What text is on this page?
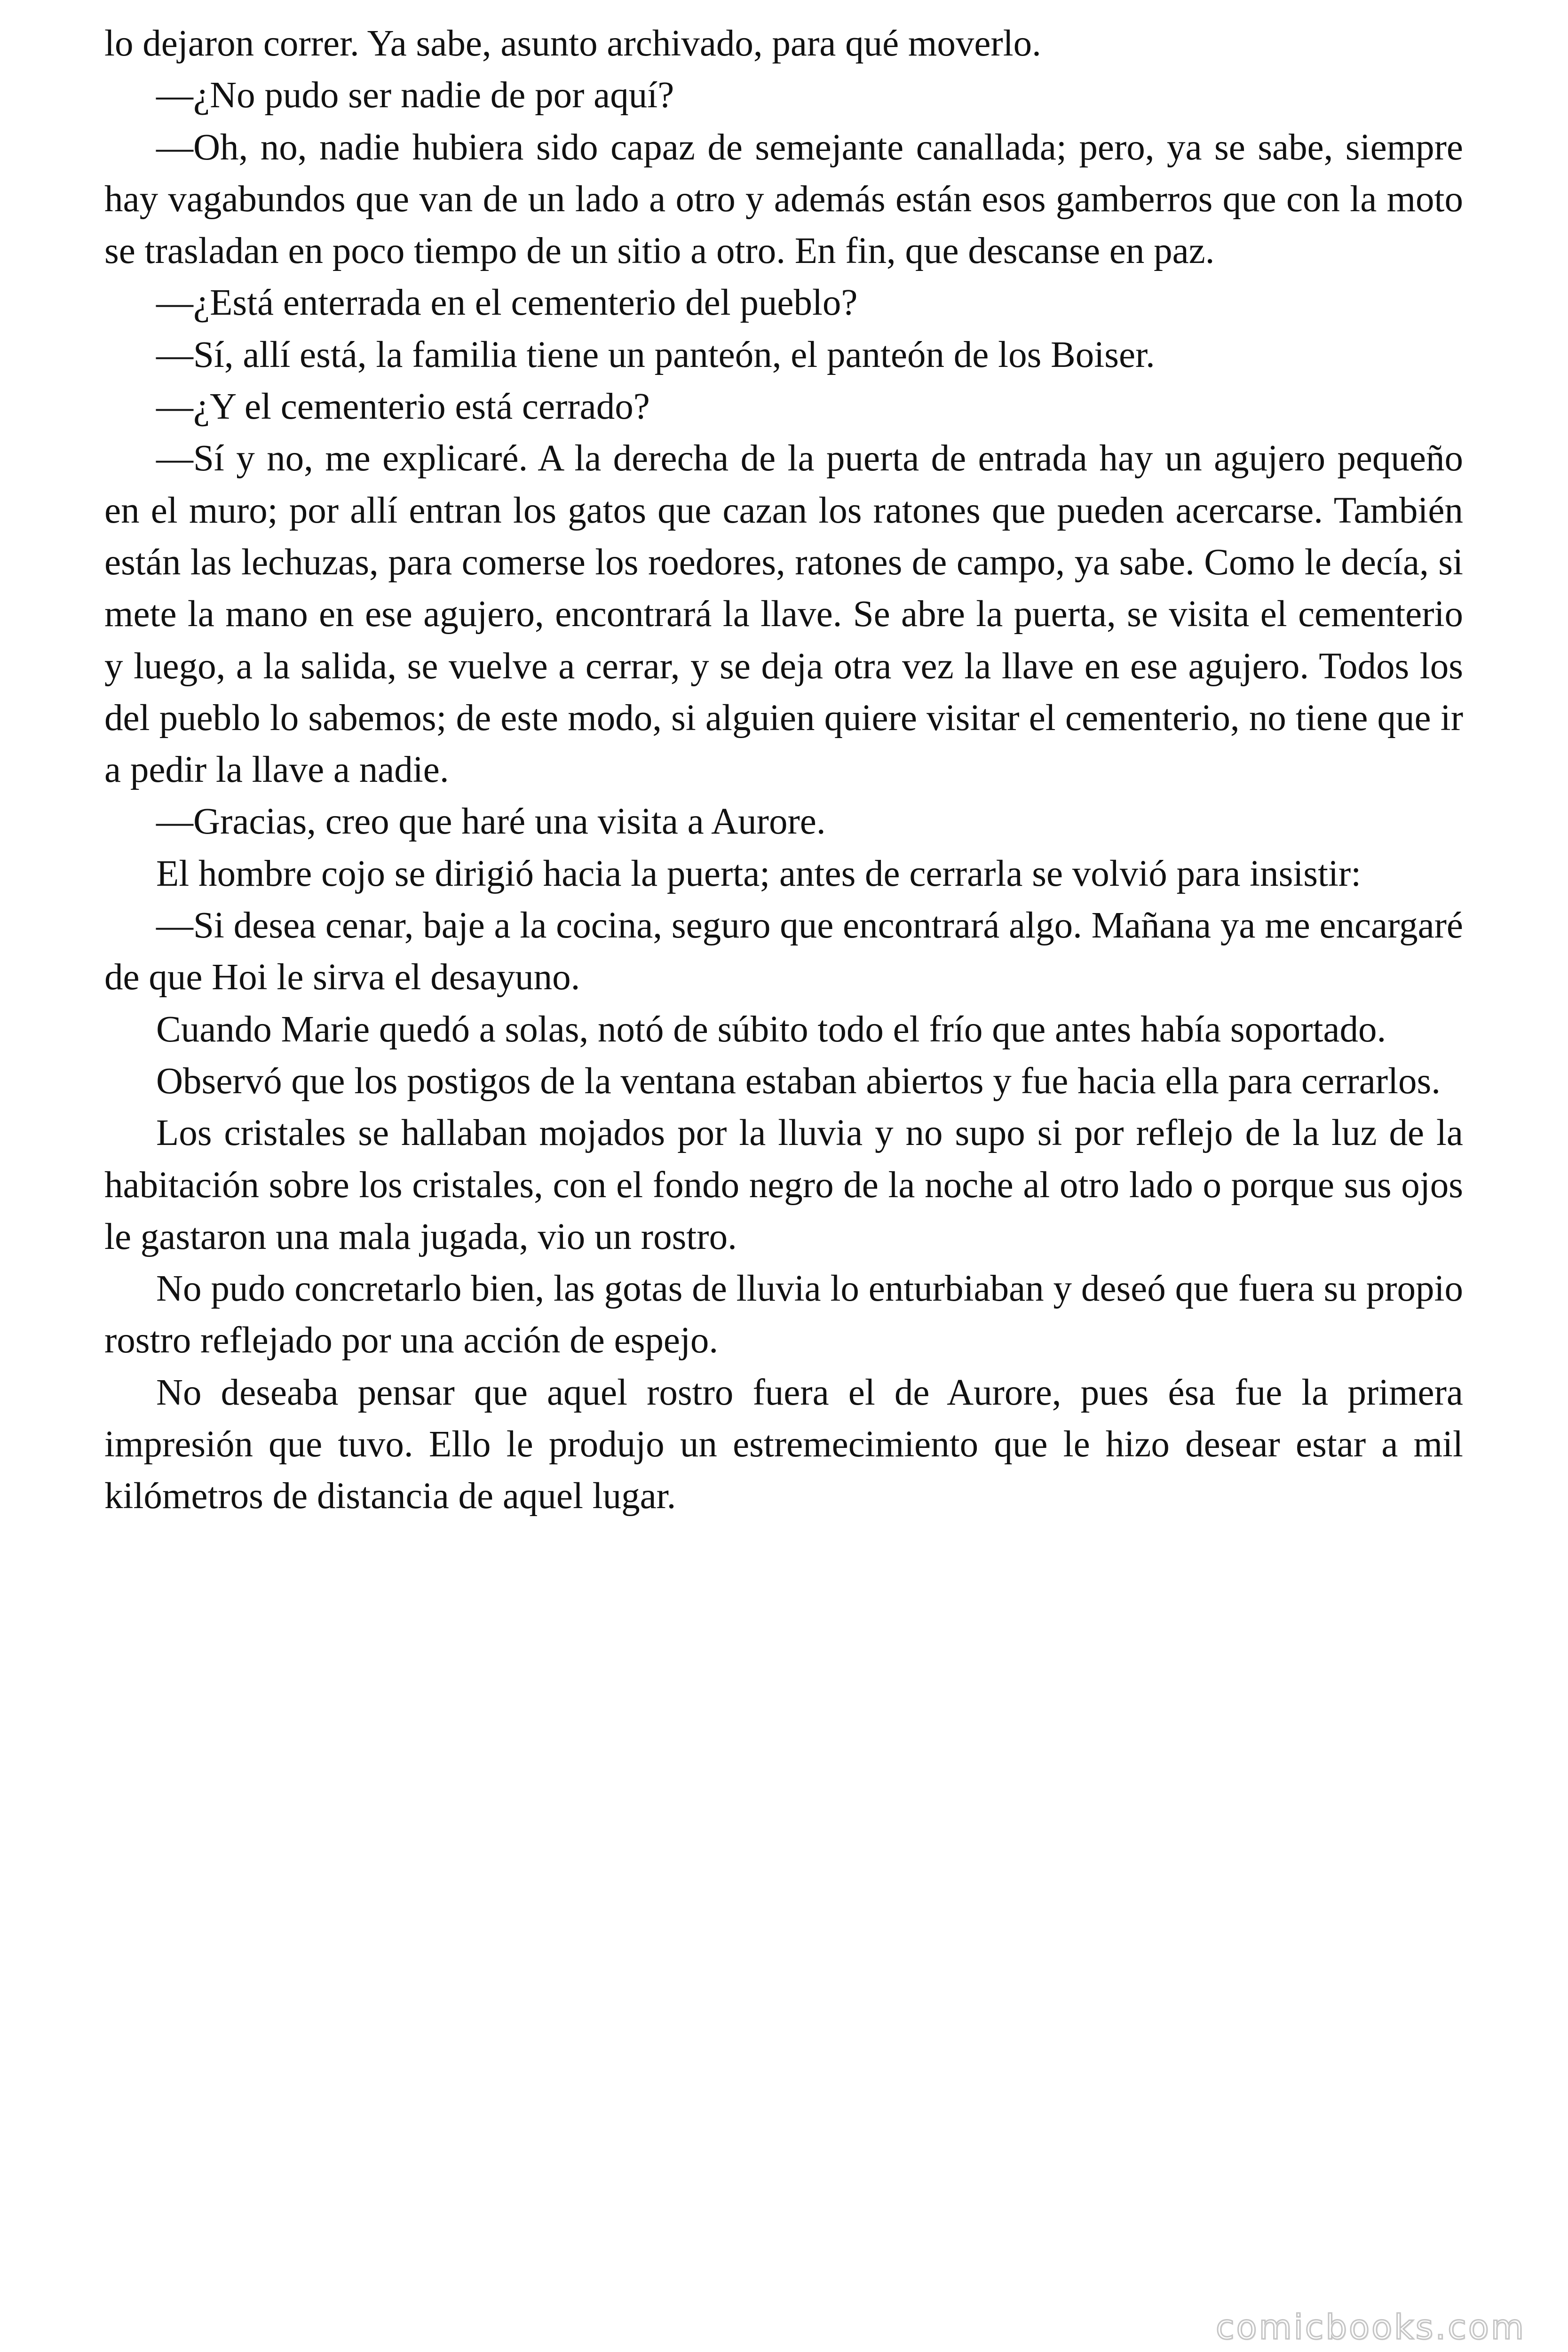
lo dejaron correr. Ya sabe, asunto archivado, para qué moverlo.

—¿No pudo ser nadie de por aquí?

—Oh, no, nadie hubiera sido capaz de semejante canallada; pero, ya se sabe, siempre hay vagabundos que van de un lado a otro y además están esos gamberros que con la moto se trasladan en poco tiempo de un sitio a otro. En fin, que descanse en paz.

—¿Está enterrada en el cementerio del pueblo?

—Sí, allí está, la familia tiene un panteón, el panteón de los Boiser.

—¿Y el cementerio está cerrado?

—Sí y no, me explicaré. A la derecha de la puerta de entrada hay un agujero pequeño en el muro; por allí entran los gatos que cazan los ratones que pueden acercarse. También están las lechuzas, para comerse los roedores, ratones de campo, ya sabe. Como le decía, si mete la mano en ese agujero, encontrará la llave. Se abre la puerta, se visita el cementerio y luego, a la salida, se vuelve a cerrar, y se deja otra vez la llave en ese agujero. Todos los del pueblo lo sabemos; de este modo, si alguien quiere visitar el cementerio, no tiene que ir a pedir la llave a nadie.

—Gracias, creo que haré una visita a Aurore.

El hombre cojo se dirigió hacia la puerta; antes de cerrarla se volvió para insistir:

—Si desea cenar, baje a la cocina, seguro que encontrará algo. Mañana ya me encargaré de que Hoi le sirva el desayuno.

Cuando Marie quedó a solas, notó de súbito todo el frío que antes había soportado.

Observó que los postigos de la ventana estaban abiertos y fue hacia ella para cerrarlos.

Los cristales se hallaban mojados por la lluvia y no supo si por reflejo de la luz de la habitación sobre los cristales, con el fondo negro de la noche al otro lado o porque sus ojos le gastaron una mala jugada, vio un rostro.

No pudo concretarlo bien, las gotas de lluvia lo enturbiaban y deseó que fuera su propio rostro reflejado por una acción de espejo.

No deseaba pensar que aquel rostro fuera el de Aurore, pues ésa fue la primera impresión que tuvo. Ello le produjo un estremecimiento que le hizo desear estar a mil kilómetros de distancia de aquel lugar.

comicbooks.com
